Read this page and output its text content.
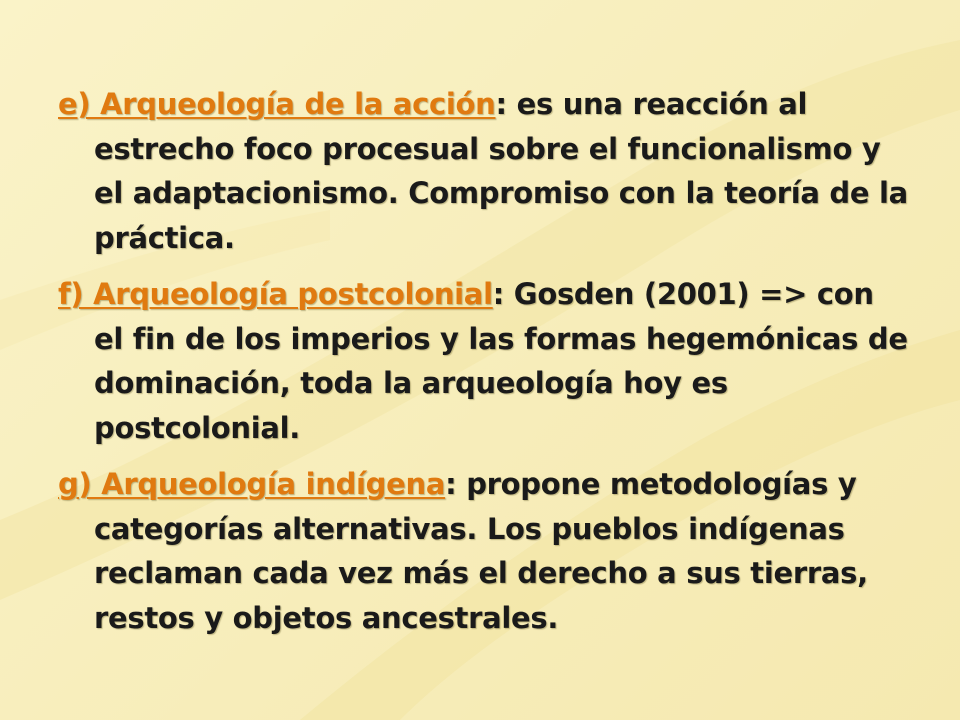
e) Arqueología de la acción: es una reacción al estrecho foco procesual sobre el funcionalismo y el adaptacionismo. Compromiso con la teoría de la práctica.

f) Arqueología postcolonial: Gosden (2001) => con el fin de los imperios y las formas hegemónicas de dominación, toda la arqueología hoy es postcolonial.

g) Arqueología indígena: propone metodologías y categorías alternativas. Los pueblos indígenas reclaman cada vez más el derecho a sus tierras, restos y objetos ancestrales.
